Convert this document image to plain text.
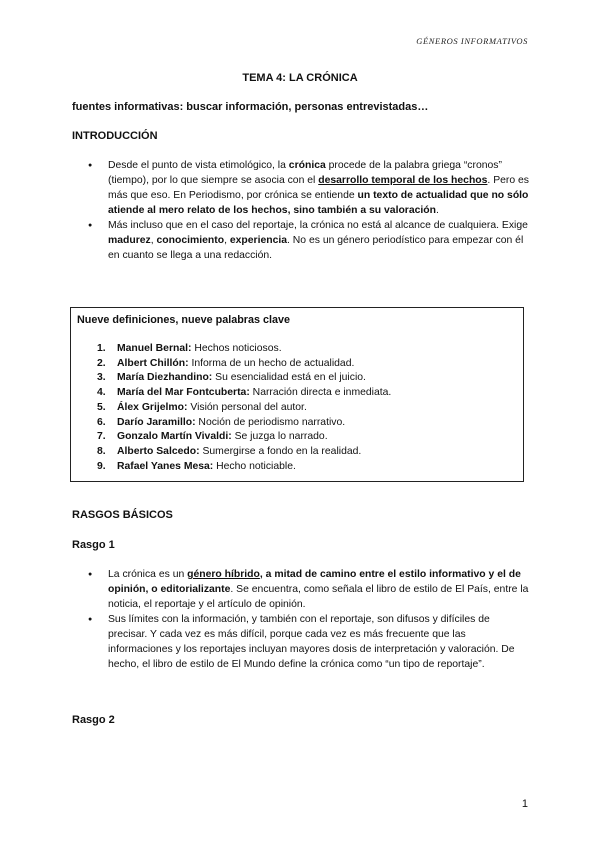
GÉNEROS INFORMATIVOS
TEMA 4: LA CRÓNICA
fuentes informativas: buscar información, personas entrevistadas…
INTRODUCCIÓN
● Desde el punto de vista etimológico, la crónica procede de la palabra griega “cronos” (tiempo), por lo que siempre se asocia con el desarrollo temporal de los hechos. Pero es más que eso. En Periodismo, por crónica se entiende un texto de actualidad que no sólo atiende al mero relato de los hechos, sino también a su valoración.
● Más incluso que en el caso del reportaje, la crónica no está al alcance de cualquiera. Exige madurez, conocimiento, experiencia. No es un género periodístico para empezar con él en cuanto se llega a una redacción.
Nueve definiciones, nueve palabras clave
1. Manuel Bernal: Hechos noticiosos.
2. Albert Chillón: Informa de un hecho de actualidad.
3. María Diezhandino: Su esencialidad está en el juicio.
4. María del Mar Fontcuberta: Narración directa e inmediata.
5. Álex Grijelmo: Visión personal del autor.
6. Darío Jaramillo: Noción de periodismo narrativo.
7. Gonzalo Martín Vivaldi: Se juzga lo narrado.
8. Alberto Salcedo: Sumergirse a fondo en la realidad.
9. Rafael Yanes Mesa: Hecho noticiable.
RASGOS BÁSICOS
Rasgo 1
● La crónica es un género híbrido, a mitad de camino entre el estilo informativo y el de opinión, o editorializante. Se encuentra, como señala el libro de estilo de El País, entre la noticia, el reportaje y el artículo de opinión.
● Sus límites con la información, y también con el reportaje, son difusos y difíciles de precisar. Y cada vez es más difícil, porque cada vez es más frecuente que las informaciones y los reportajes incluyan mayores dosis de interpretación y valoración. De hecho, el libro de estilo de El Mundo define la crónica como “un tipo de reportaje”.
Rasgo 2
1
